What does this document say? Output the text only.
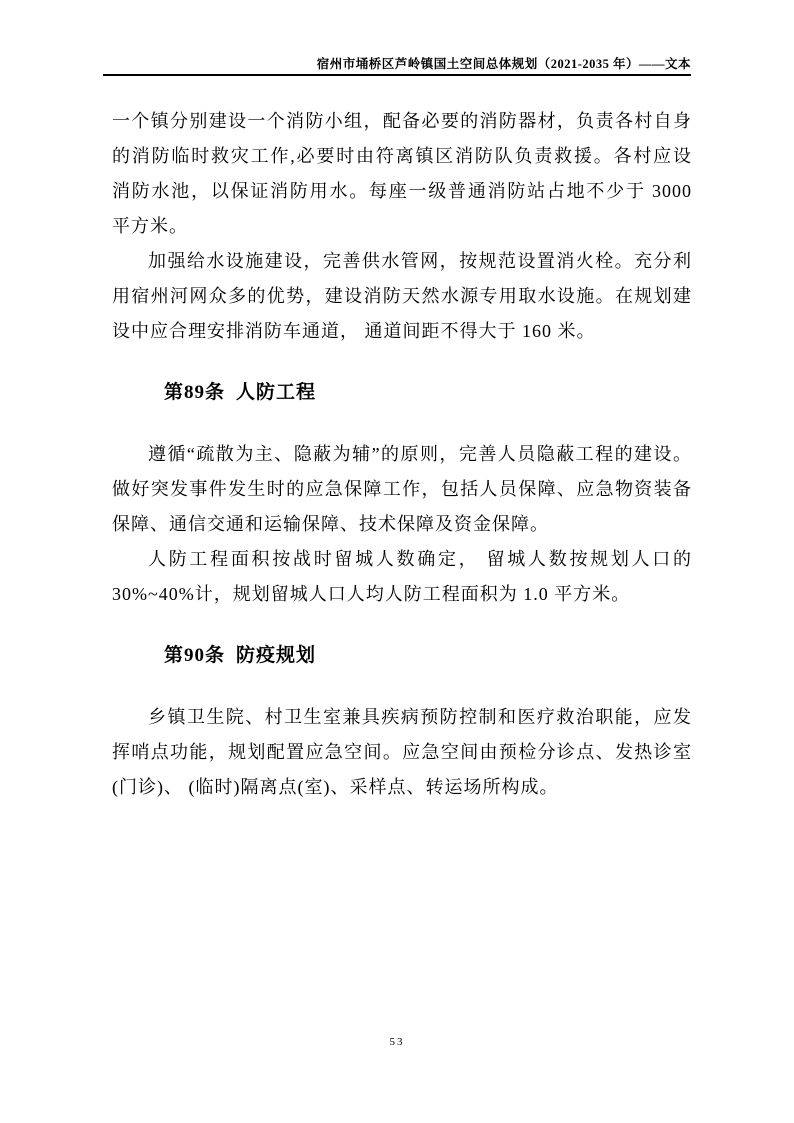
宿州市埇桥区芦岭镇国土空间总体规划（2021-2035 年）——文本
一个镇分别建设一个消防小组，配备必要的消防器材，负责各村自身
的消防临时救灾工作,必要时由符离镇区消防队负责救援。各村应设
消防水池，以保证消防用水。每座一级普通消防站占地不少于 3000
平方米。
加强给水设施建设，完善供水管网，按规范设置消火栓。充分利
用宿州河网众多的优势，建设消防天然水源专用取水设施。在规划建
设中应合理安排消防车通道， 通道间距不得大于 160 米。
第89条 人防工程
遵循“疏散为主、隐蔽为辅”的原则，完善人员隐蔽工程的建设。
做好突发事件发生时的应急保障工作，包括人员保障、应急物资装备
保障、通信交通和运输保障、技术保障及资金保障。
人防工程面积按战时留城人数确定， 留城人数按规划人口的
30%~40%计，规划留城人口人均人防工程面积为 1.0 平方米。
第90条 防疫规划
乡镇卫生院、村卫生室兼具疾病预防控制和医疗救治职能，应发
挥哨点功能，规划配置应急空间。应急空间由预检分诊点、发热诊室
(门诊)、 (临时)隔离点(室)、采样点、转运场所构成。
53
